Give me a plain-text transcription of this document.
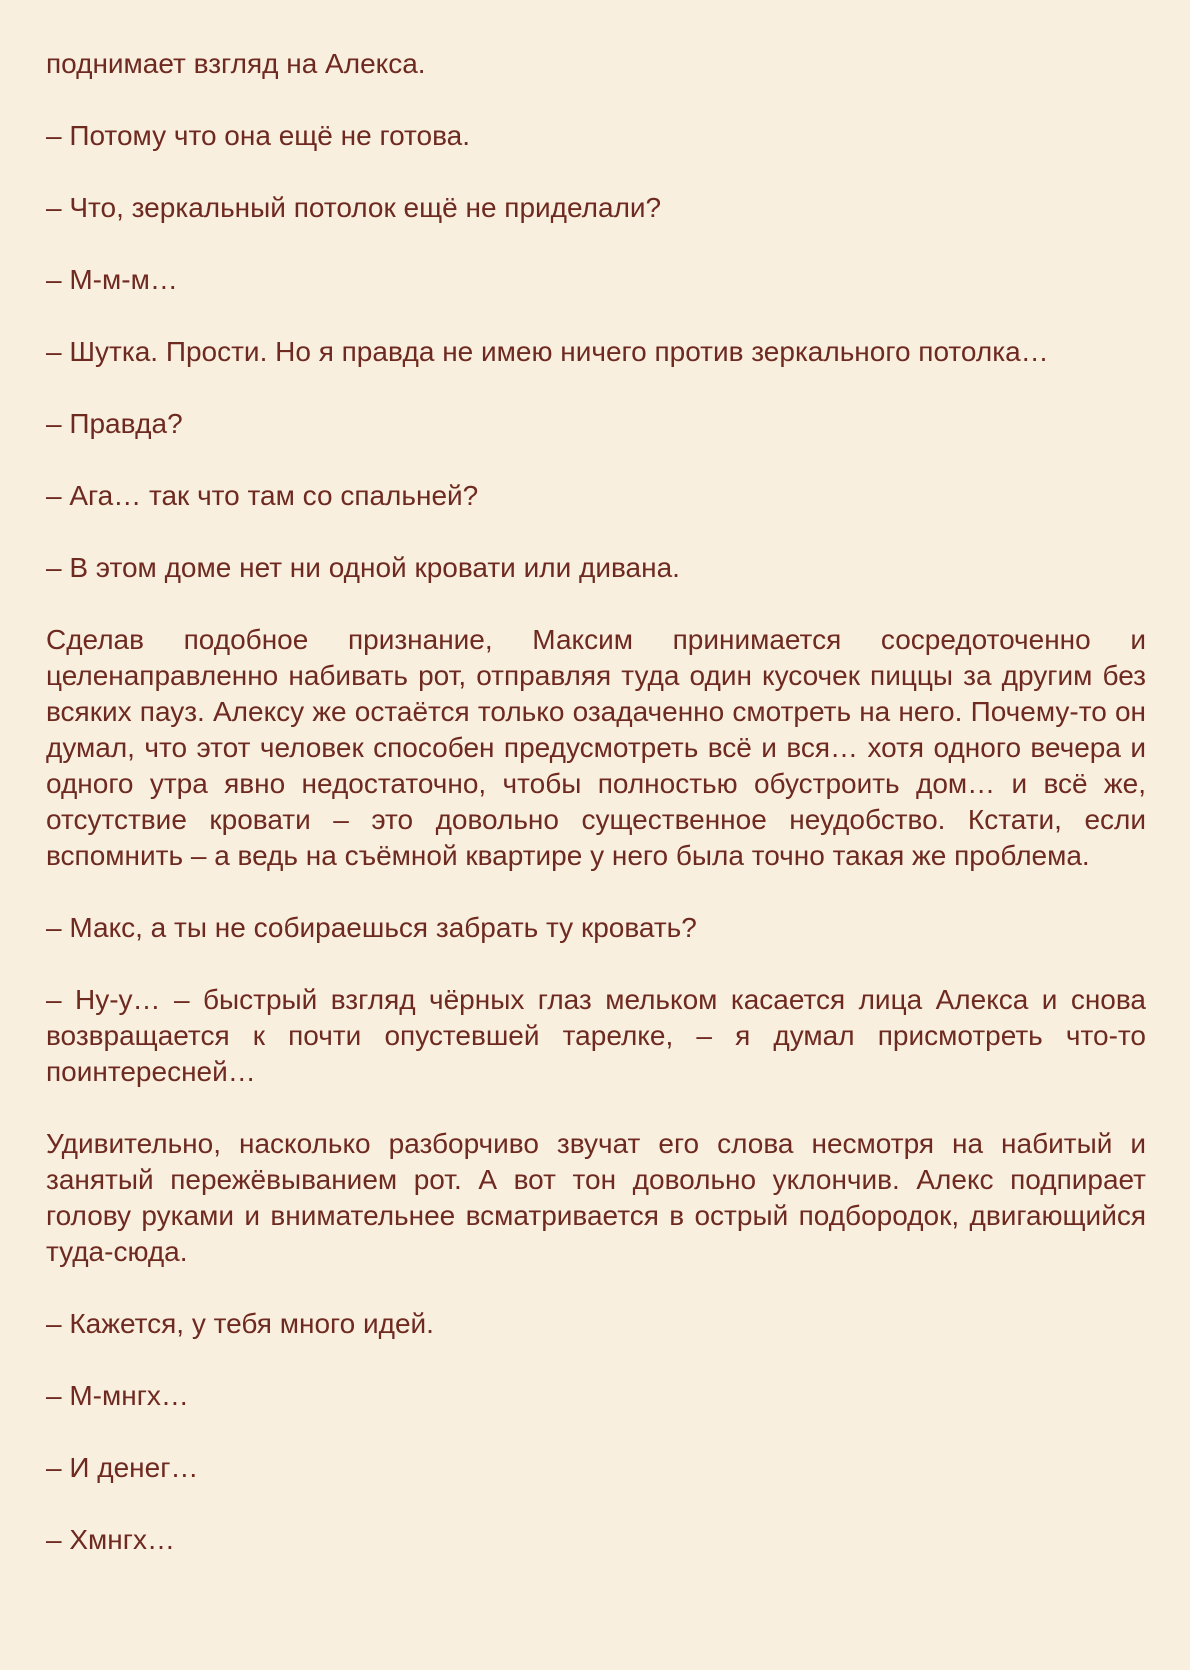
поднимает взгляд на Алекса.

– Потому что она ещё не готова.

– Что, зеркальный потолок ещё не приделали?

– М-м-м…

– Шутка. Прости. Но я правда не имею ничего против зеркального потолка…

– Правда?

– Ага… так что там со спальней?

– В этом доме нет ни одной кровати или дивана.

Сделав подобное признание, Максим принимается сосредоточенно и целенаправленно набивать рот, отправляя туда один кусочек пиццы за другим без всяких пауз. Алексу же остаётся только озадаченно смотреть на него. Почему-то он думал, что этот человек способен предусмотреть всё и вся… хотя одного вечера и одного утра явно недостаточно, чтобы полностью обустроить дом… и всё же, отсутствие кровати – это довольно существенное неудобство. Кстати, если вспомнить – а ведь на съёмной квартире у него была точно такая же проблема.

– Макс, а ты не собираешься забрать ту кровать?

– Ну-у… – быстрый взгляд чёрных глаз мельком касается лица Алекса и снова возвращается к почти опустевшей тарелке, – я думал присмотреть что-то поинтересней…

Удивительно, насколько разборчиво звучат его слова несмотря на набитый и занятый пережёвыванием рот. А вот тон довольно уклончив. Алекс подпирает голову руками и внимательнее всматривается в острый подбородок, двигающийся туда-сюда.

– Кажется, у тебя много идей.

– М-мнгх…

– И денег…

– Хмнгх…
